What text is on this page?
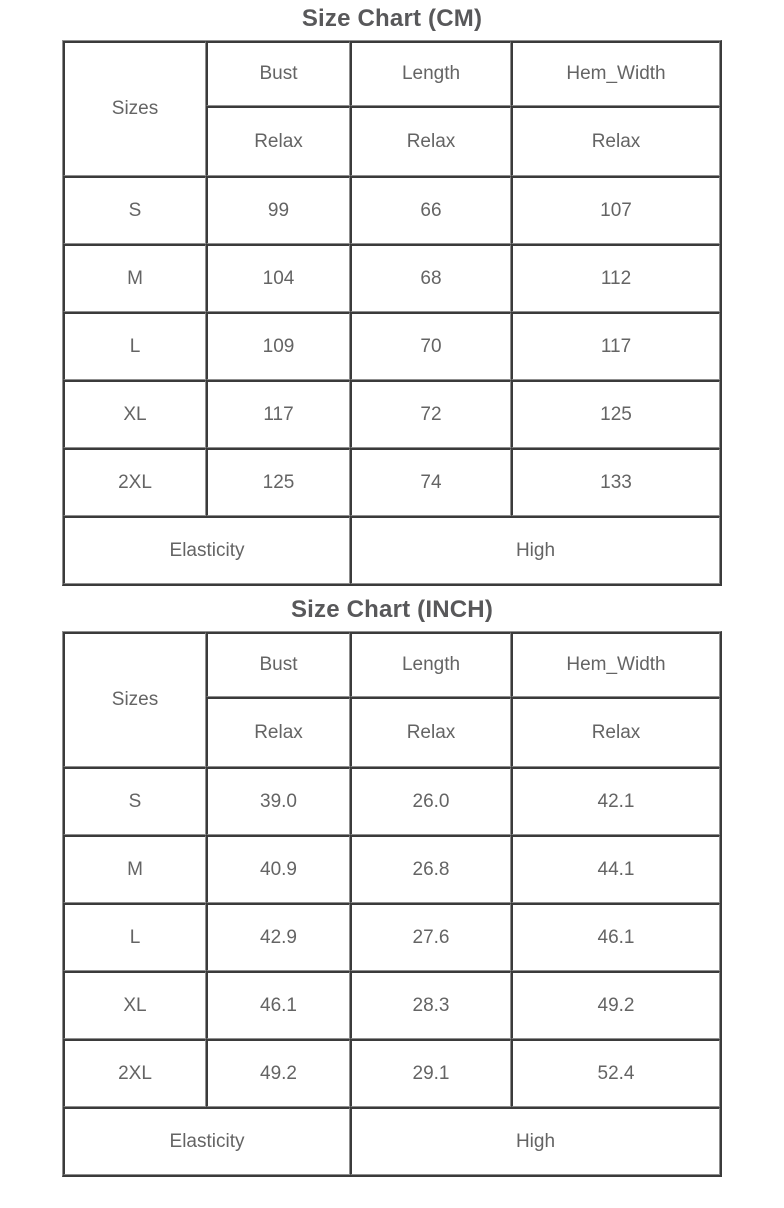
Size Chart (CM)
Sizes	Bust	Length	Hem_Width
	Relax	Relax	Relax
S	99	66	107
M	104	68	112
L	109	70	117
XL	117	72	125
2XL	125	74	133
Elasticity		High	
Size Chart (INCH)
Sizes	Bust	Length	Hem_Width
	Relax	Relax	Relax
S	39.0	26.0	42.1
M	40.9	26.8	44.1
L	42.9	27.6	46.1
XL	46.1	28.3	49.2
2XL	49.2	29.1	52.4
Elasticity		High	
